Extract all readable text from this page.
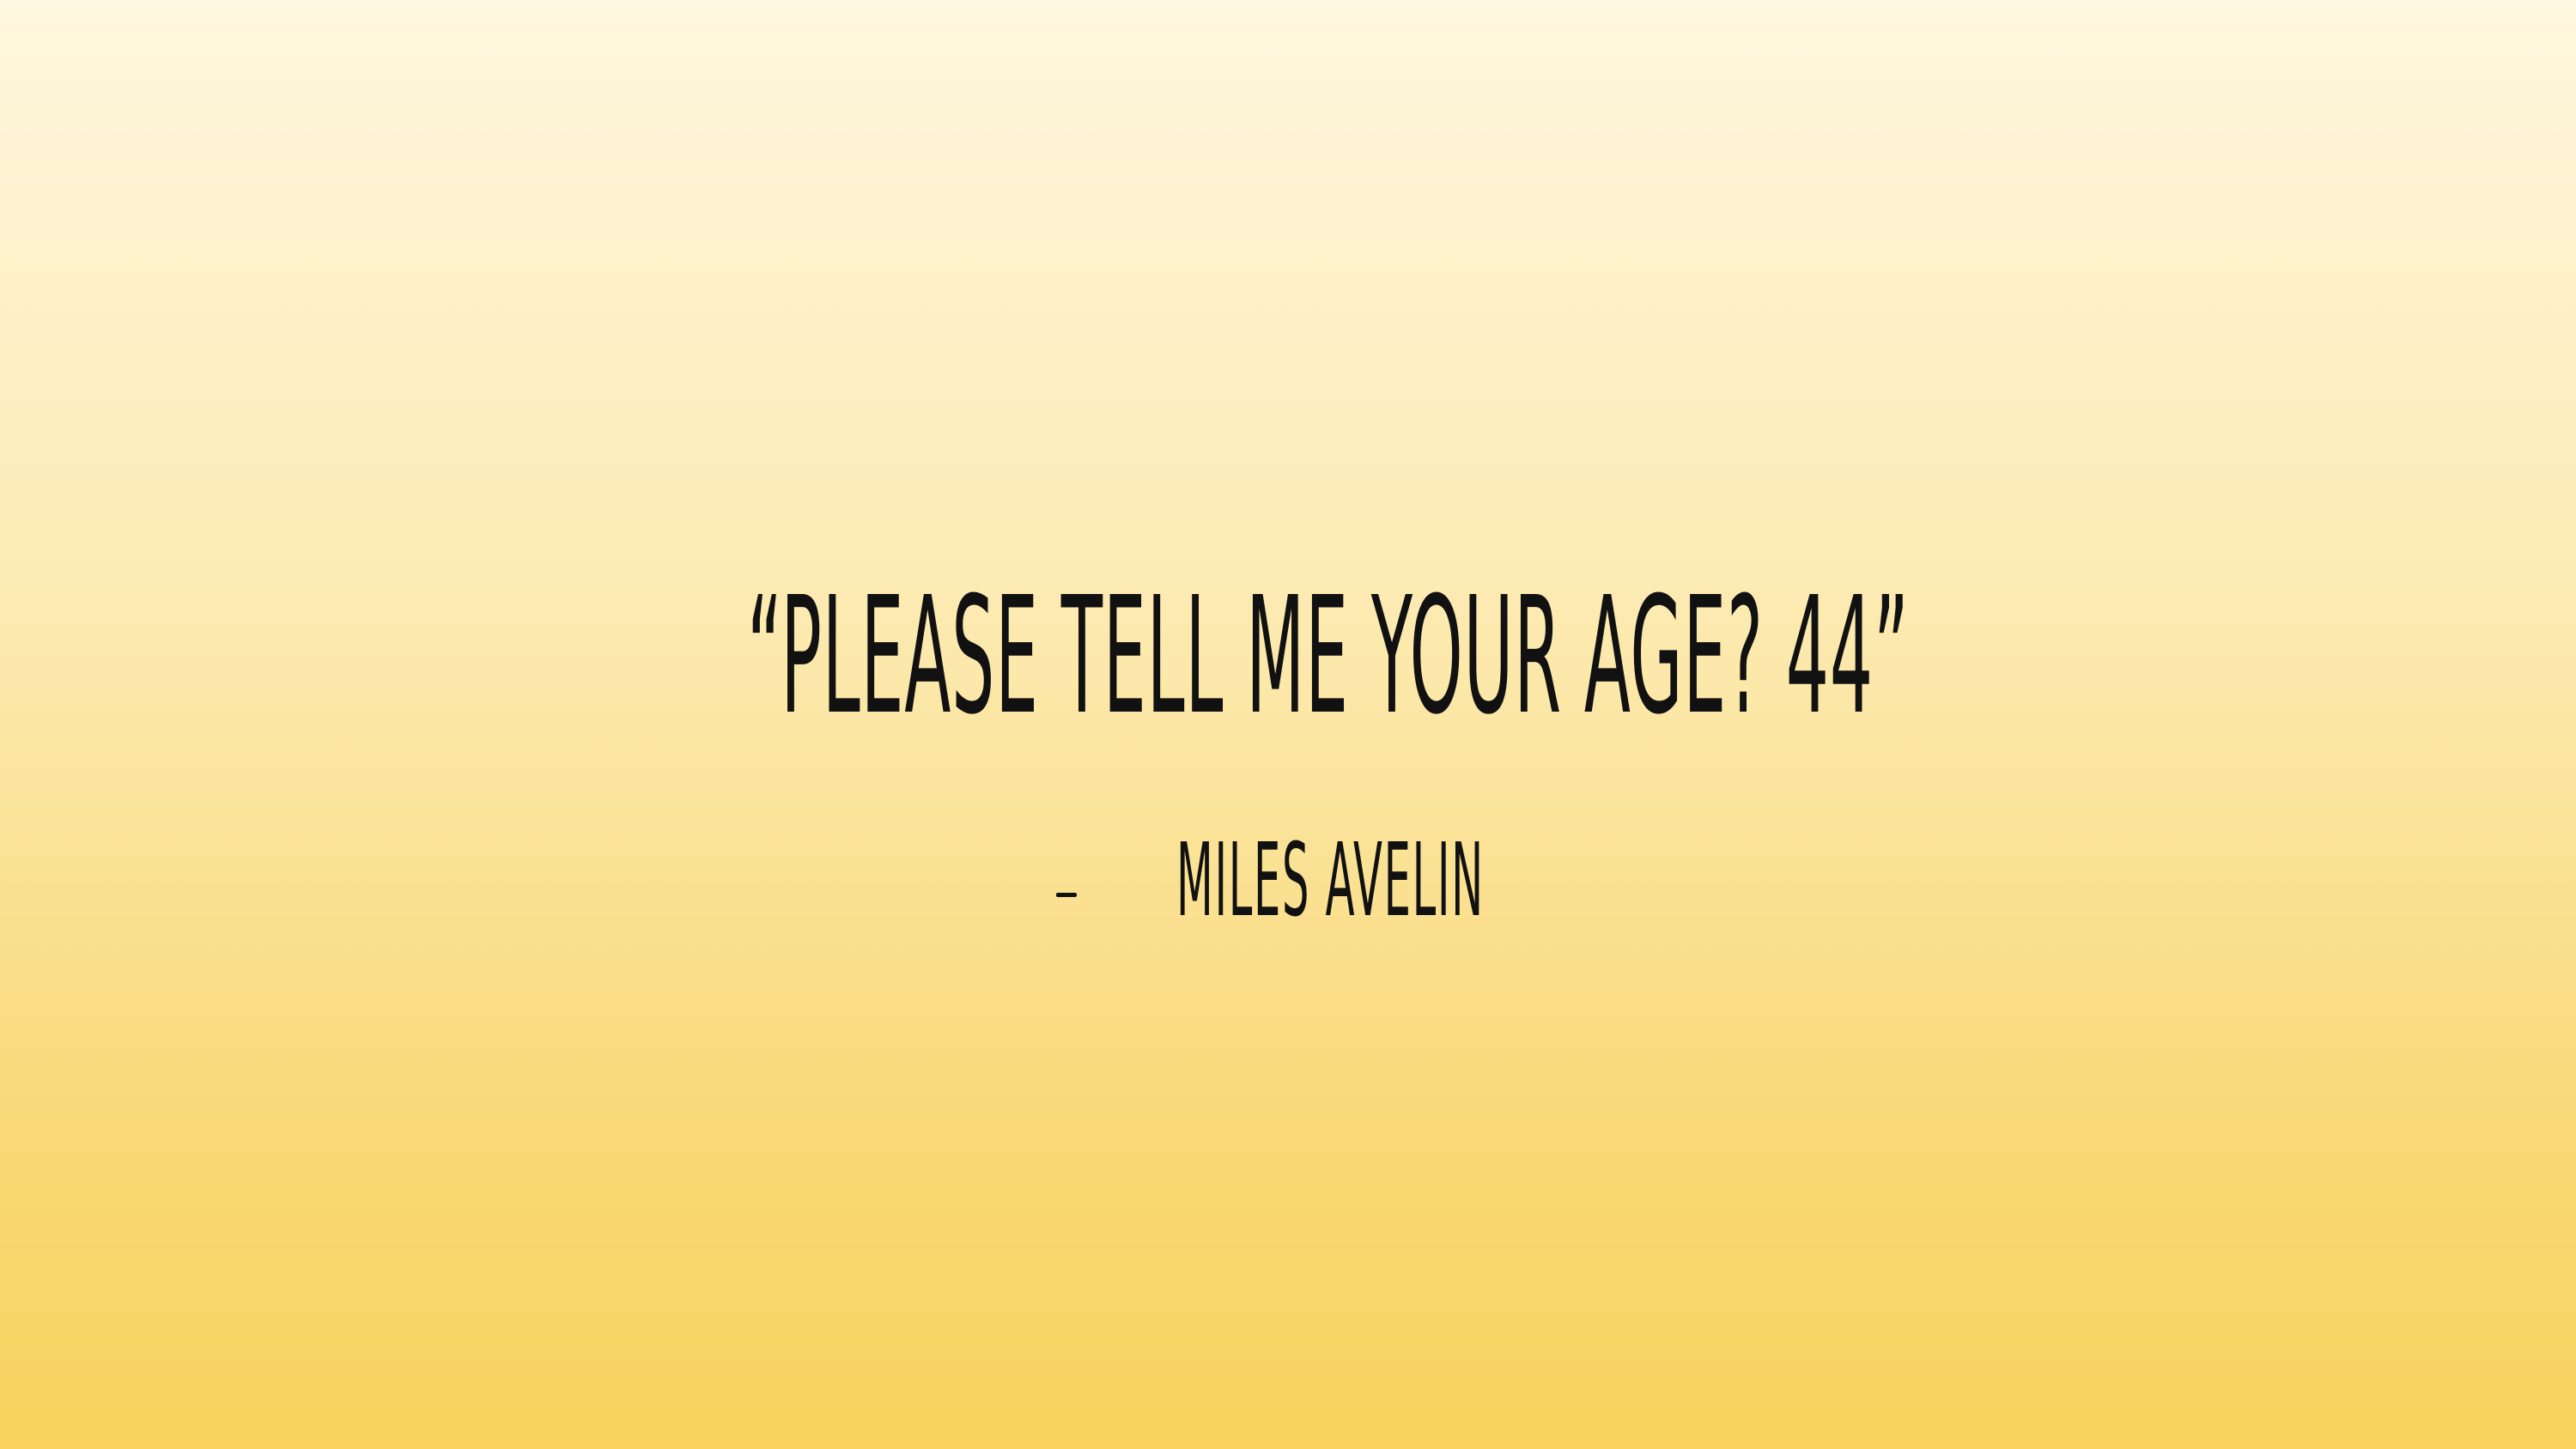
“PLEASE TELL ME YOUR AGE? 44”
MILES AVELIN
